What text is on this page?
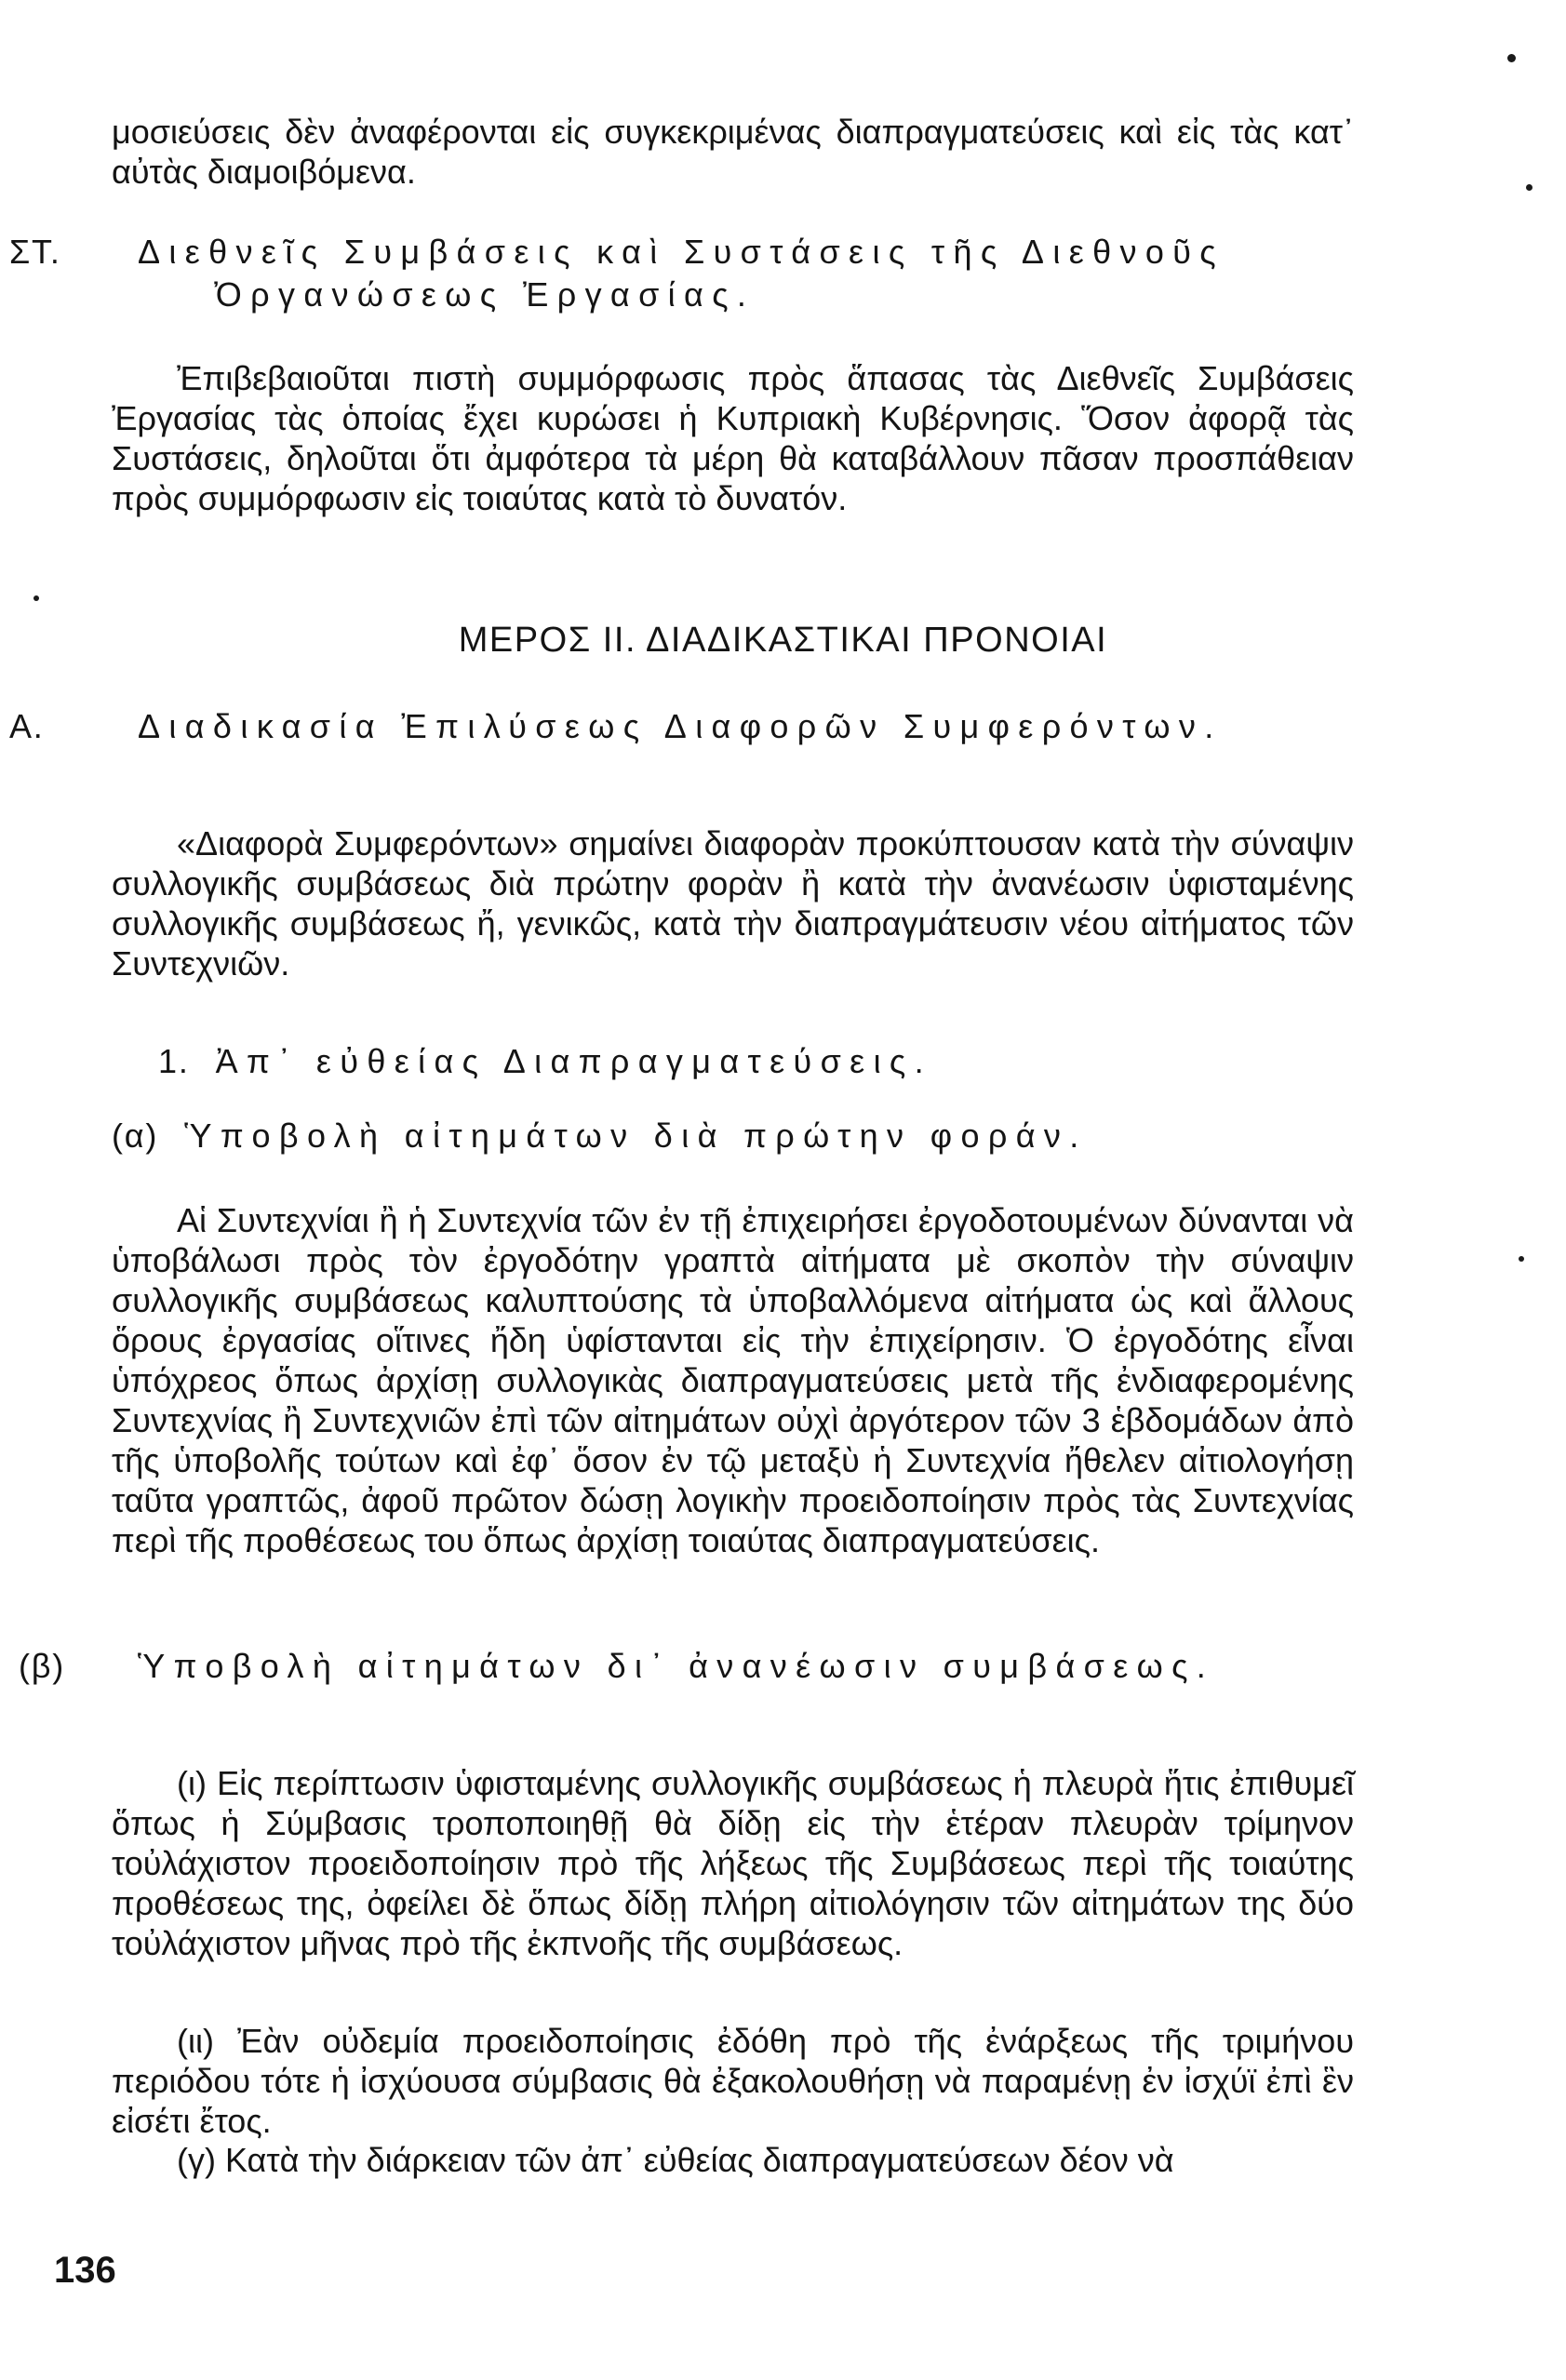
μοσιεύσεις δὲν ἀναφέρονται εἰς συγκεκριμένας διαπραγματεύσεις καὶ εἰς τὰς κατ᾽ αὐτὰς διαμοιβόμενα.

ΣΤ. Διεθνεῖς Συμβάσεις καὶ Συστάσεις τῆς Διεθνοῦς Ὀργανώσεως Ἐργασίας.

Ἐπιβεβαιοῦται πιστὴ συμμόρφωσις πρὸς ἅπασας τὰς Διεθνεῖς Συμβάσεις Ἐργασίας τὰς ὁποίας ἔχει κυρώσει ἡ Κυπριακὴ Κυβέρνησις. Ὅσον ἀφορᾷ τὰς Συστάσεις, δηλοῦται ὅτι ἀμφότερα τὰ μέρη θὰ καταβάλλουν πᾶσαν προσπάθειαν πρὸς συμμόρφωσιν εἰς τοιαύτας κατὰ τὸ δυνατόν.

ΜΕΡΟΣ ΙΙ. ΔΙΑΔΙΚΑΣΤΙΚΑΙ ΠΡΟΝΟΙΑΙ
Α.	Διαδικασία Ἐπιλύσεως Διαφορῶν Συμφερόντων.

«Διαφορὰ Συμφερόντων» σημαίνει διαφορὰν προκύπτουσαν κατὰ τὴν σύναψιν συλλογικῆς συμβάσεως διὰ πρώτην φορὰν ἢ κατὰ τὴν ἀνανέωσιν ὑφισταμένης συλλογικῆς συμβάσεως ἤ, γενικῶς, κατὰ τὴν διαπραγμάτευσιν νέου αἰτήματος τῶν Συντεχνιῶν.

1. Ἀπ᾽ εὐθείας Διαπραγματεύσεις.
(α) Ὑποβολὴ αἰτημάτων διὰ πρώτην φοράν.

Αἱ Συντεχνίαι ἢ ἡ Συντεχνία τῶν ἐν τῇ ἐπιχειρήσει ἐργοδοτουμένων δύνανται νὰ ὑποβάλωσι πρὸς τὸν ἐργοδότην γραπτὰ αἰτήματα μὲ σκοπὸν τὴν σύναψιν συλλογικῆς συμβάσεως καλυπτούσης τὰ ὑποβαλλόμενα αἰτήματα ὡς καὶ ἄλλους ὅρους ἐργασίας οἵτινες ἤδη ὑφίστανται εἰς τὴν ἐπιχείρησιν. Ὁ ἐργοδότης εἶναι ὑπόχρεος ὅπως ἀρχίσῃ συλλογικὰς διαπραγματεύσεις μετὰ τῆς ἐνδιαφερομένης Συντεχνίας ἢ Συντεχνιῶν ἐπὶ τῶν αἰτημάτων οὐχὶ ἀργότερον τῶν 3 ἑβδομάδων ἀπὸ τῆς ὑποβολῆς τούτων καὶ ἐφ᾽ ὅσον ἐν τῷ μεταξὺ ἡ Συντεχνία ἤθελεν αἰτιολογήσῃ ταῦτα γραπτῶς, ἀφοῦ πρῶτον δώσῃ λογικὴν προειδοποίησιν πρὸς τὰς Συντεχνίας περὶ τῆς προθέσεως του ὅπως ἀρχίσῃ τοιαύτας διαπραγματεύσεις.

(β) Ὑποβολὴ αἰτημάτων δι᾽ ἀνανέωσιν συμβάσεως.

(ι) Εἰς περίπτωσιν ὑφισταμένης συλλογικῆς συμβάσεως ἡ πλευρὰ ἥτις ἐπιθυμεῖ ὅπως ἡ Σύμβασις τροποποιηθῇ θὰ δίδῃ εἰς τὴν ἑτέραν πλευρὰν τρίμηνον τοὐλάχιστον προειδοποίησιν πρὸ τῆς λήξεως τῆς Συμβάσεως περὶ τῆς τοιαύτης προθέσεως της, ὀφείλει δὲ ὅπως δίδῃ πλήρη αἰτιολόγησιν τῶν αἰτημάτων της δύο τοὐλάχιστον μῆνας πρὸ τῆς ἐκπνοῆς τῆς συμβάσεως.

(ιι) Ἐὰν οὐδεμία προειδοποίησις ἐδόθη πρὸ τῆς ἐνάρξεως τῆς τριμήνου περιόδου τότε ἡ ἰσχύουσα σύμβασις θὰ ἐξακολουθήσῃ νὰ παραμένῃ ἐν ἰσχύϊ ἐπὶ ἓν εἰσέτι ἔτος.

(γ) Κατὰ τὴν διάρκειαν τῶν ἀπ᾽ εὐθείας διαπραγματεύσεων δέον νὰ

136
